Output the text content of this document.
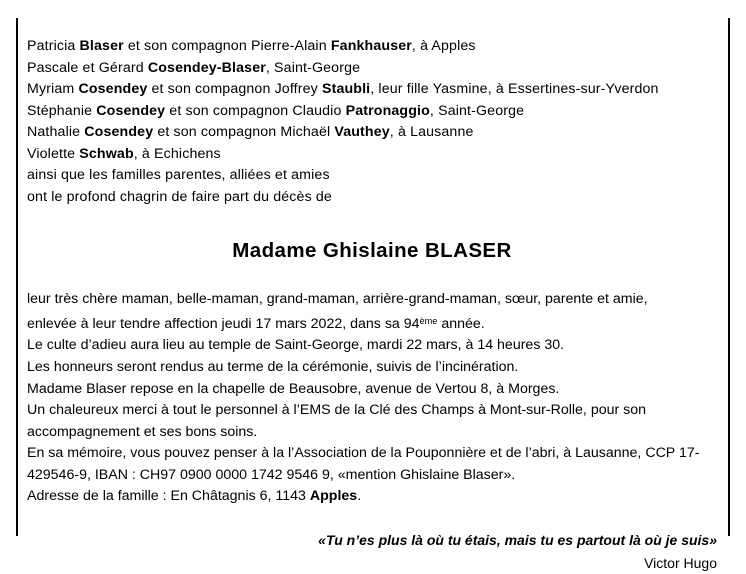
Patricia Blaser et son compagnon Pierre-Alain Fankhauser, à Apples
Pascale et Gérard Cosendey-Blaser, Saint-George
Myriam Cosendey et son compagnon Joffrey Staubli, leur fille Yasmine, à Essertines-sur-Yverdon
Stéphanie Cosendey et son compagnon Claudio Patronaggio, Saint-George
Nathalie Cosendey et son compagnon Michaël Vauthey, à Lausanne
Violette Schwab, à Echichens
ainsi que les familles parentes, alliées et amies
ont le profond chagrin de faire part du décès de
Madame Ghislaine BLASER
leur très chère maman, belle-maman, grand-maman, arrière-grand-maman, sœur, parente et amie,
enlevée à leur tendre affection jeudi 17 mars 2022, dans sa 94ème année.
Le culte d’adieu aura lieu au temple de Saint-George, mardi 22 mars, à 14 heures 30.
Les honneurs seront rendus au terme de la cérémonie, suivis de l’incinération.
Madame Blaser repose en la chapelle de Beausobre, avenue de Vertou 8, à Morges.
Un chaleureux merci à tout le personnel à l’EMS de la Clé des Champs à Mont-sur-Rolle, pour son
accompagnement et ses bons soins.
En sa mémoire, vous pouvez penser à la l’Association de la Pouponnière et de l’abri, à Lausanne, CCP 17-
429546-9, IBAN : CH97 0900 0000 1742 9546 9, «mention Ghislaine Blaser».
Adresse de la famille : En Châtagnis 6, 1143 Apples.
«Tu n’es plus là où tu étais, mais tu es partout là où je suis»
Victor Hugo
